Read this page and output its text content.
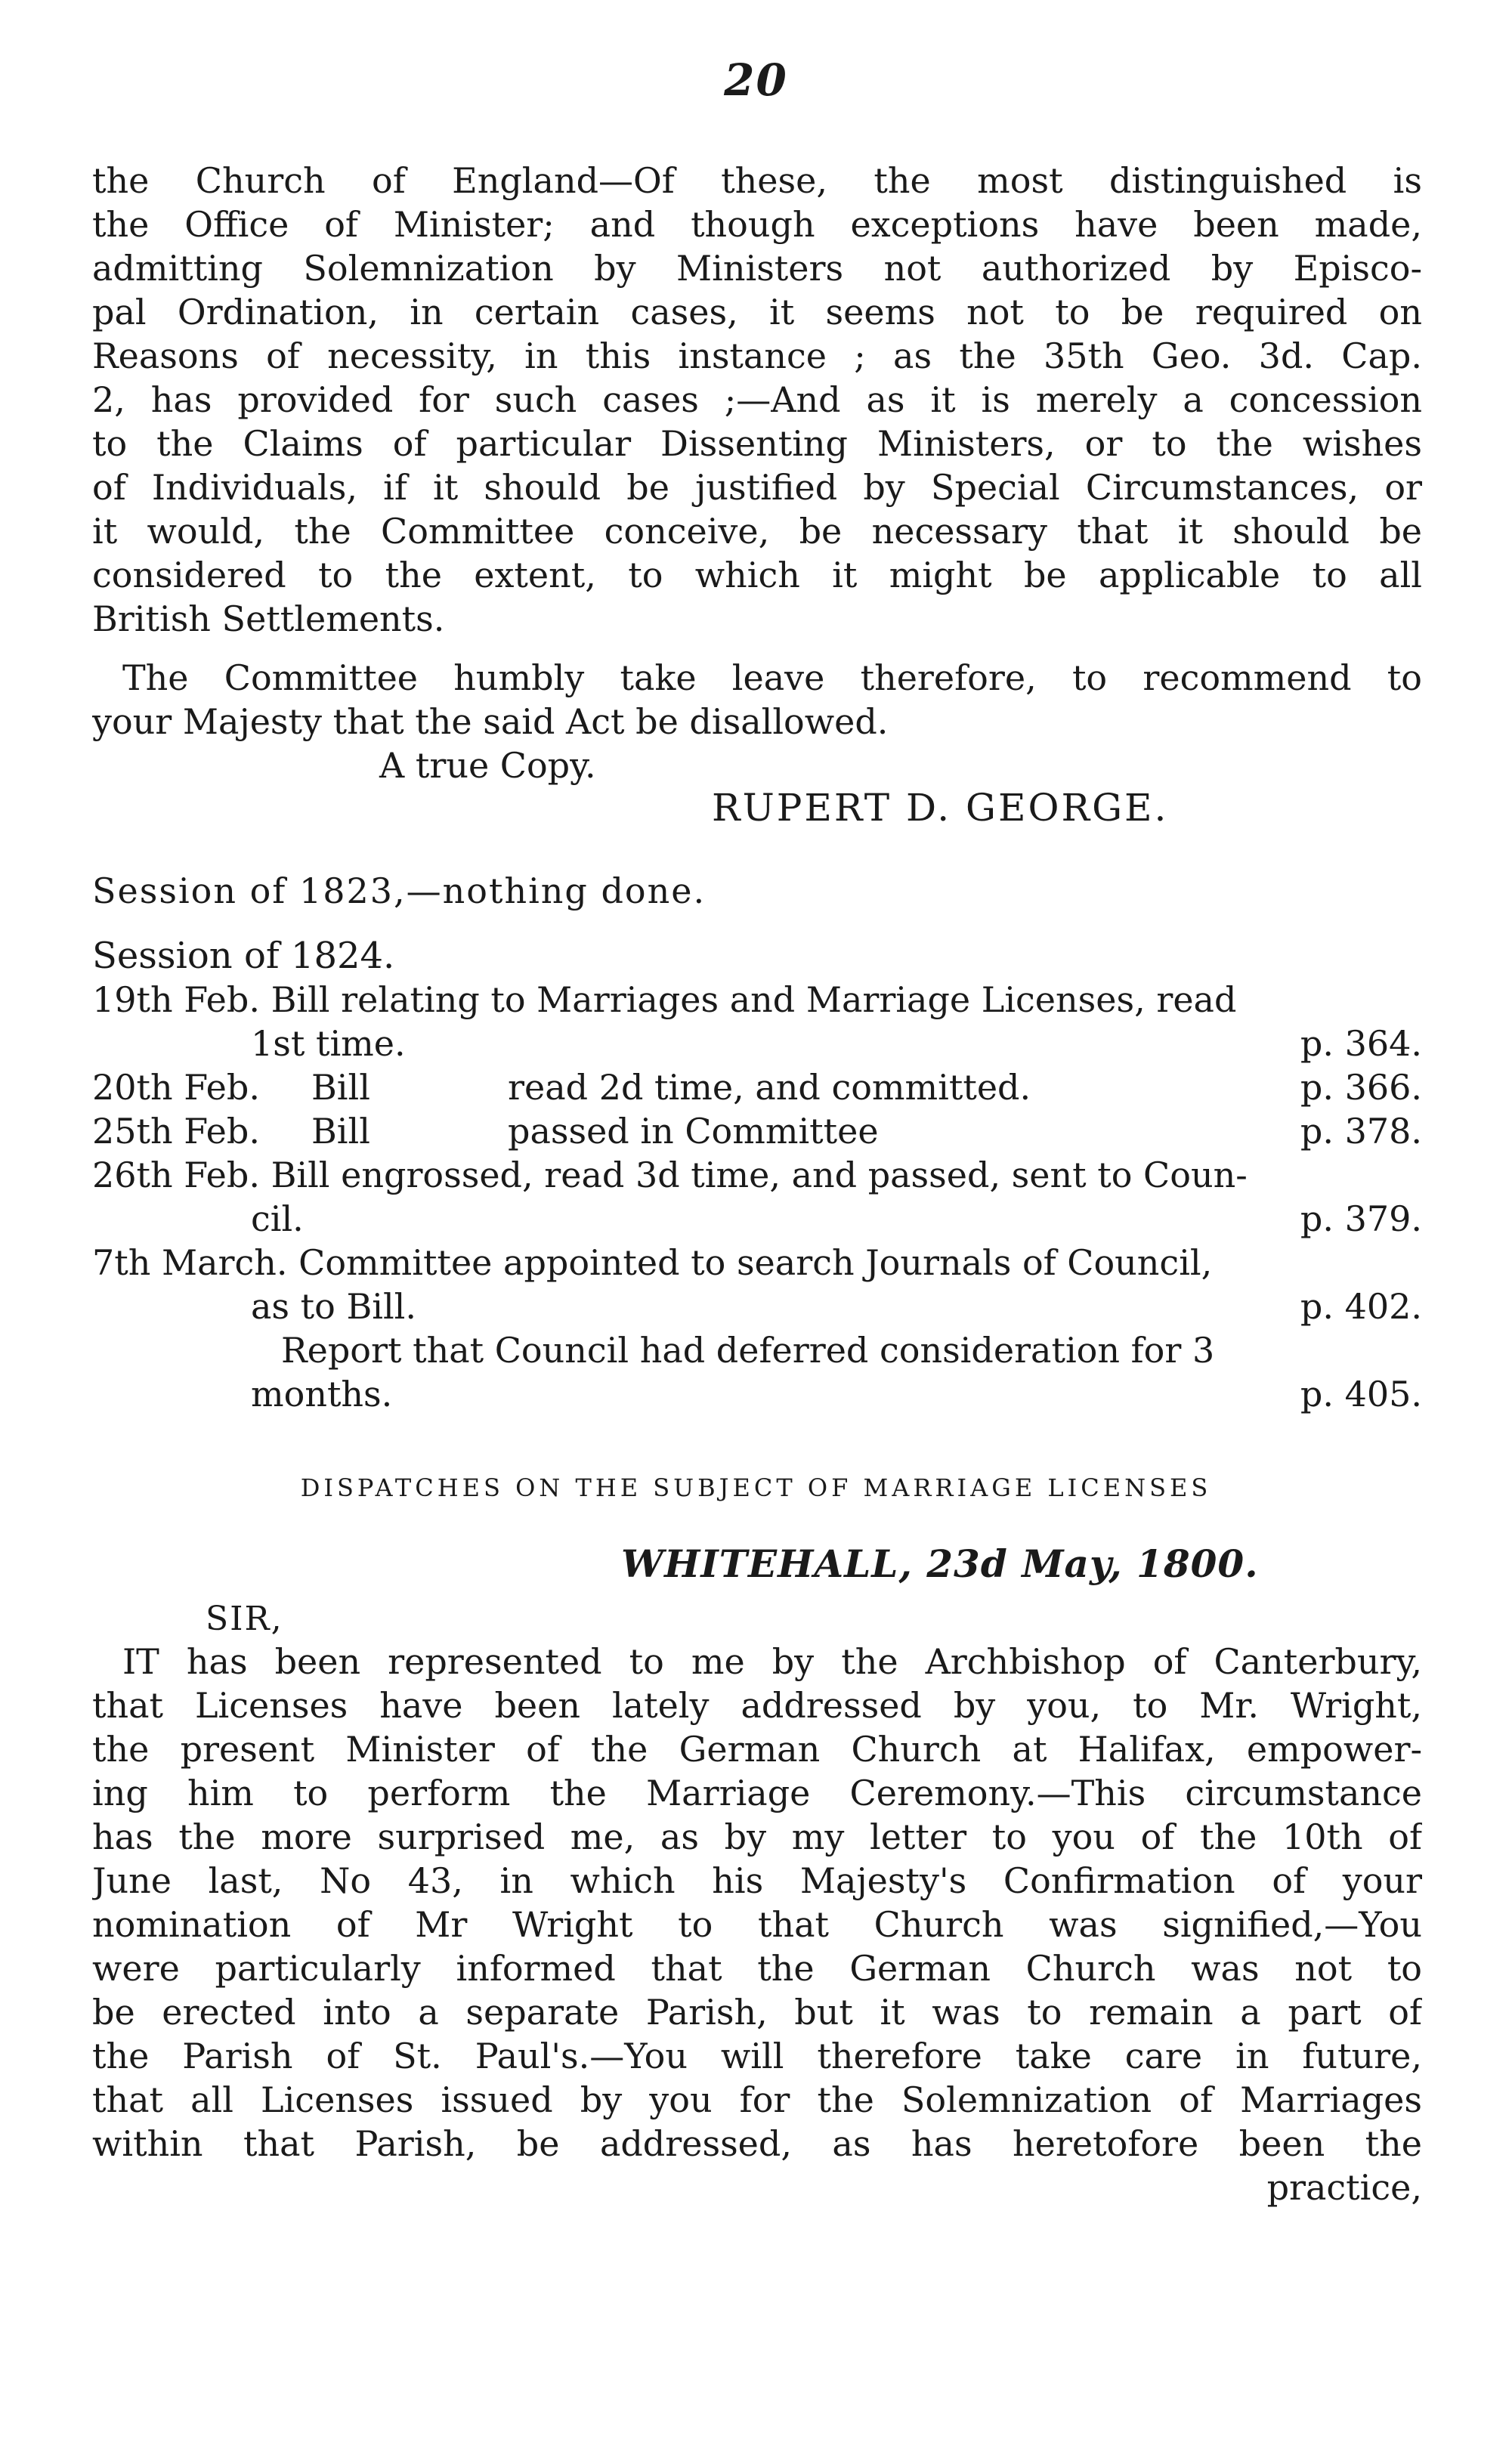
20
the Church of England—Of these, the most distinguished is
the Office of Minister; and though exceptions have been made,
admitting Solemnization by Ministers not authorized by Episco-
pal Ordination, in certain cases, it seems not to be required on
Reasons of necessity, in this instance ; as the 35th Geo. 3d. Cap.
2, has provided for such cases ;—And as it is merely a concession
to the Claims of particular Dissenting Ministers, or to the wishes
of Individuals, if it should be justified by Special Circumstances, or
it would, the Committee conceive, be necessary that it should be
considered to the extent, to which it might be applicable to all
British Settlements.
The Committee humbly take leave therefore, to recommend to
your Majesty that the said Act be disallowed.
A true Copy.
RUPERT D. GEORGE.
Session of 1823,—nothing done.
Session of 1824.
19th Feb. Bill relating to Marriages and Marriage Licenses, read
1st time.	p. 364.
20th Feb. Bill	read 2d time, and committed.	p. 366.
25th Feb. Bill	passed in Committee	p. 378.
26th Feb. Bill engrossed, read 3d time, and passed, sent to Coun-
cil.	p. 379.
7th March. Committee appointed to search Journals of Council,
as to Bill.	p. 402.
Report that Council had deferred consideration for 3
months.	p. 405.
DISPATCHES ON THE SUBJECT OF MARRIAGE LICENSES
WHITEHALL, 23d May, 1800.
SIR,
IT has been represented to me by the Archbishop of Canterbury,
that Licenses have been lately addressed by you, to Mr. Wright,
the present Minister of the German Church at Halifax, empower-
ing him to perform the Marriage Ceremony.—This circumstance
has the more surprised me, as by my letter to you of the 10th of
June last, No 43, in which his Majesty's Confirmation of your
nomination of Mr Wright to that Church was signified,—You
were particularly informed that the German Church was not to
be erected into a separate Parish, but it was to remain a part of
the Parish of St. Paul's.—You will therefore take care in future,
that all Licenses issued by you for the Solemnization of Marriages
within that Parish, be addressed, as has heretofore been the
practice,
